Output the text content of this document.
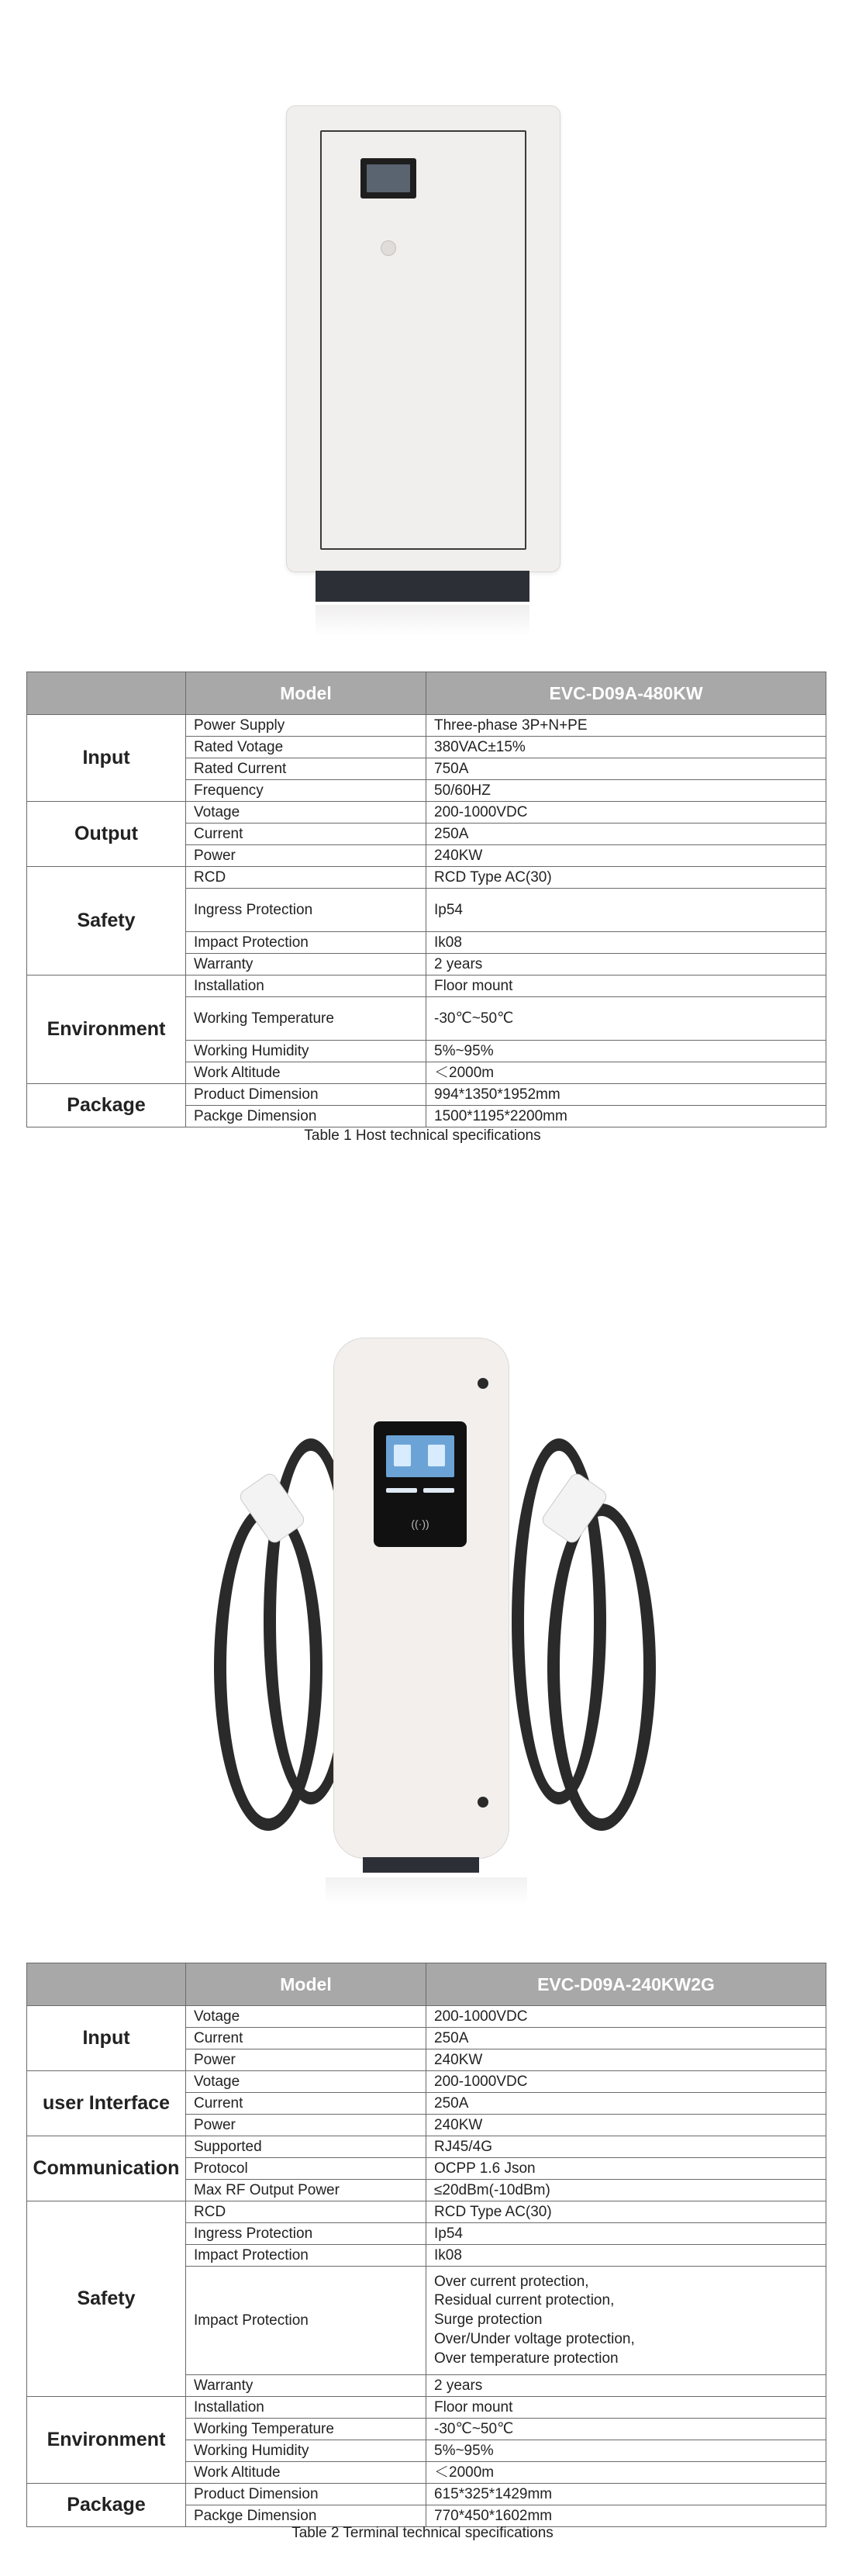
	Model	EVC-D09A-480KW
Input	Power Supply	Three-phase 3P+N+PE
	Rated Votage	380VAC±15%
	Rated Current	750A
	Frequency	50/60HZ
Output	Votage	200-1000VDC
	Current	250A
	Power	240KW
Safety	RCD	RCD Type AC(30)
	Ingress Protection	Ip54
	Impact Protection	Ik08
	Warranty	2 years
Environment	Installation	Floor mount
	Working Temperature	-30℃~50℃
	Working Humidity	5%~95%
	Work Altitude	＜2000m
Package	Product Dimension	994*1350*1952mm
	Packge Dimension	1500*1195*2200mm
Table 1 Host technical specifications
((·))
	Model	EVC-D09A-240KW2G
Input	Votage	200-1000VDC
	Current	250A
	Power	240KW
user Interface	Votage	200-1000VDC
	Current	250A
	Power	240KW
Communication	Supported	RJ45/4G
	Protocol	OCPP 1.6 Json
	Max RF Output Power	≤20dBm(-10dBm)
Safety	RCD	RCD Type AC(30)
	Ingress Protection	Ip54
	Impact Protection	Ik08
	Impact Protection	Over current protection,
Residual current protection,
Surge protection
Over/Under voltage protection,
Over temperature protection

	Warranty	2 years
Environment	Installation	Floor mount
	Working Temperature	-30℃~50℃
	Working Humidity	5%~95%
	Work Altitude	＜2000m
Package	Product Dimension	615*325*1429mm
	Packge Dimension	770*450*1602mm
Table 2 Terminal technical specifications
